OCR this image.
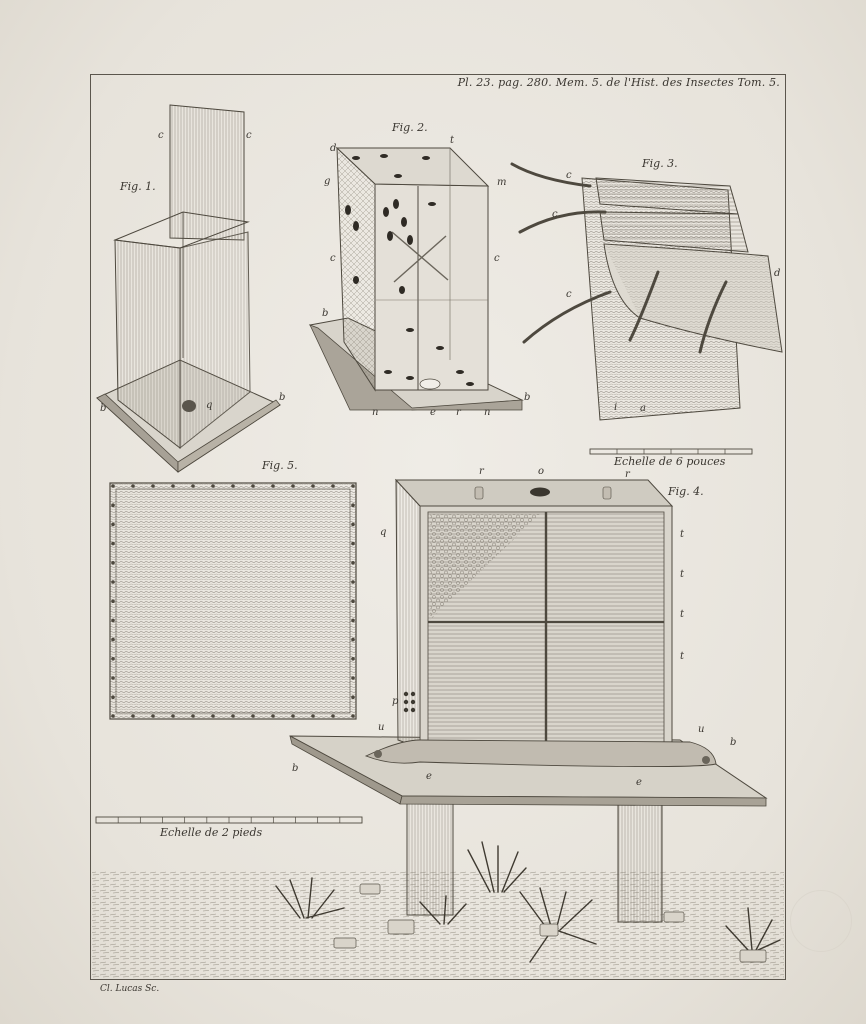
Pl. 23. pag. 280. Mem. 5. de l'Hist. des Insectes Tom. 5.
Fig. 1.
Fig. 2.
Fig. 3.
Fig. 4.
Fig. 5.
c	c
b
b
q
d
t
g	m
c	c
b
b
n	e r n
c
c
c
d
i a
r	o	r
q	t
t
t
t
p
u	u
b
b
e
e
Echelle de 6 pouces
Echelle de 2 pieds
Cl. Lucas Sc.
